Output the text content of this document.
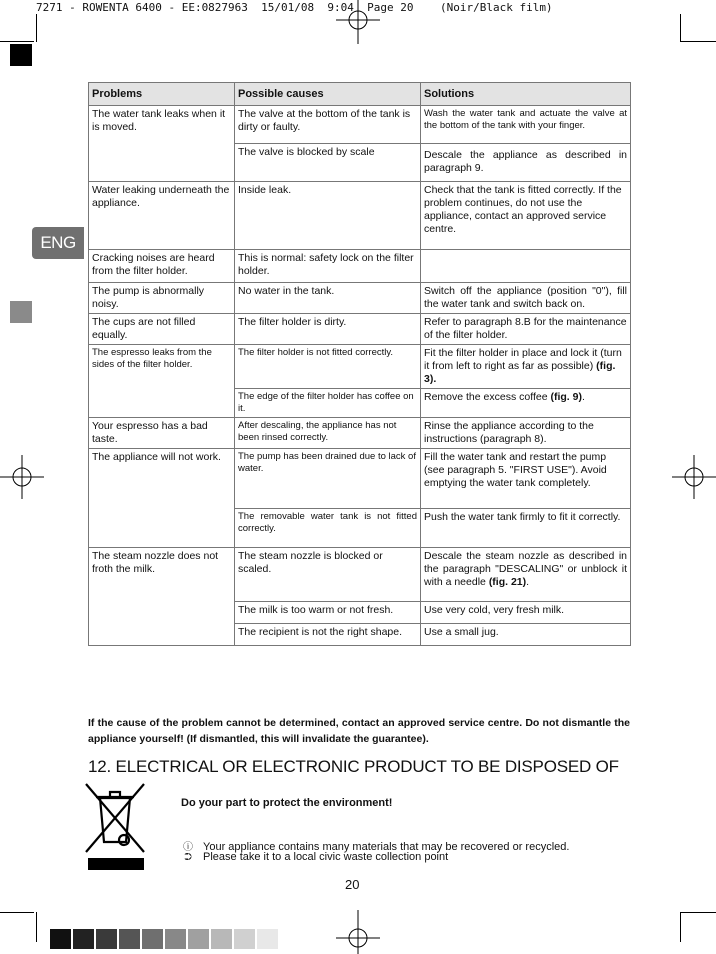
7271 - ROWENTA 6400 - EE:0827963  15/01/08  9:04  Page 20    (Noir/Black film)
ENG
Problems	Possible causes	Solutions
The water tank leaks when it is moved.	The valve at the bottom of the tank is dirty or faulty.	Wash the water tank and actuate the valve at the bottom of the tank with your finger.
	The valve is blocked by scale	Descale the appliance as described in paragraph 9.
Water leaking underneath the appliance.	Inside leak.	Check that the tank is fitted correctly. If the problem continues, do not use the appliance, contact an approved service centre.
Cracking noises are heard from the filter holder.	This is normal: safety lock on the filter holder.	
The pump is abnormally noisy.	No water in the tank.	Switch off the appliance (position "0"), fill the water tank and switch back on.
The cups are not filled equally.	The filter holder is dirty.	Refer to paragraph 8.B for the maintenance of the filter holder.
The espresso leaks from the sides of the filter holder.	The filter holder is not fitted correctly.	Fit the filter holder in place and lock it (turn it from left to right as far as possible) (fig. 3).
	The edge of the filter holder has coffee on it.	Remove the excess coffee (fig. 9).
Your espresso has a bad taste.	After descaling, the appliance has not been rinsed correctly.	Rinse the appliance according to the instructions (paragraph 8).
The appliance will not work.	The pump has been drained due to lack of water.	Fill the water tank and restart the pump (see paragraph 5. "FIRST USE"). Avoid emptying the water tank completely.
	The removable water tank is not fitted correctly.	Push the water tank firmly to fit it correctly.
The steam nozzle does not froth the milk.	The steam nozzle is blocked or scaled.	Descale the steam nozzle as described in the paragraph "DESCALING" or unblock it with a needle (fig. 21).
	The milk is too warm or not fresh.	Use very cold, very fresh milk.
	The recipient is not the right shape.	Use a small jug.
If the cause of the problem cannot be determined, contact an approved service centre. Do not dismantle the appliance yourself! (If dismantled, this will invalidate the guarantee).
12. ELECTRICAL OR ELECTRONIC PRODUCT TO BE DISPOSED OF
Do your part to protect the environment!
ⓘ Your appliance contains many materials that may be recovered or recycled.
⮊ Please take it to a local civic waste collection point
20
